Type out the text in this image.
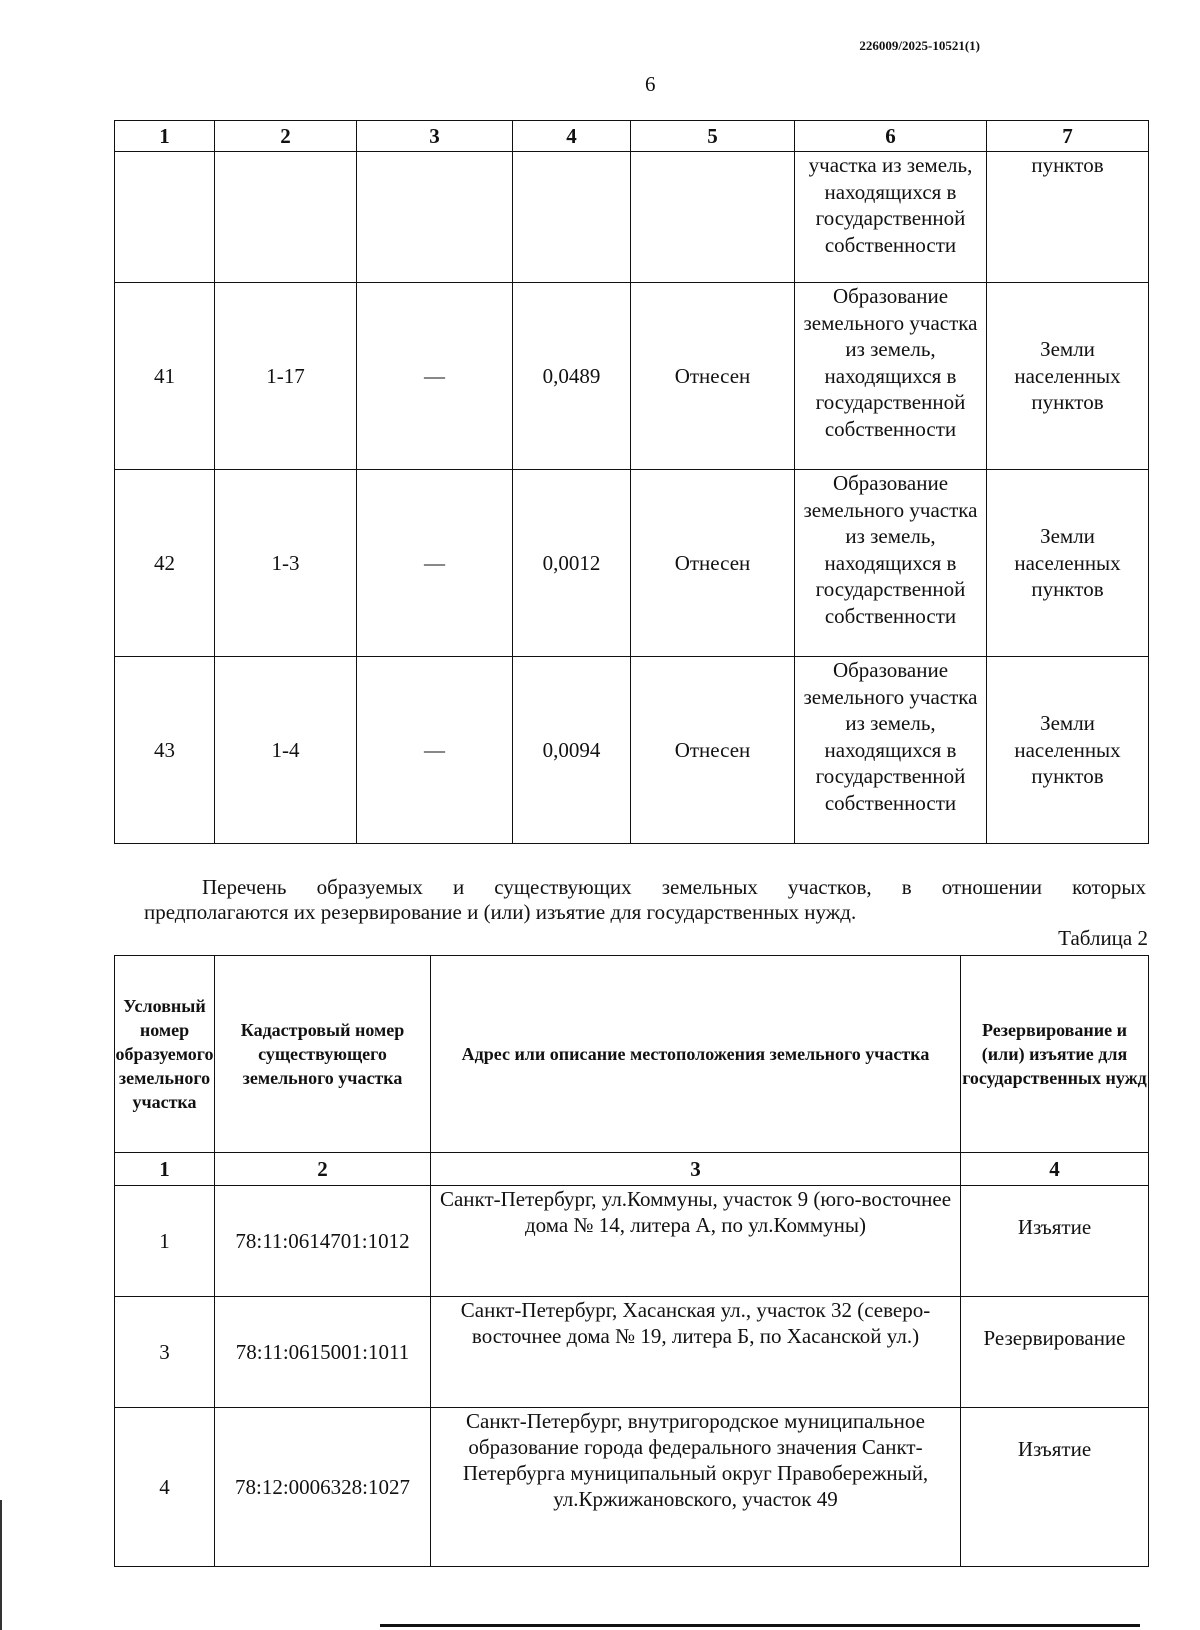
226009/2025-10521(1)
6
1	2	3	4	5	6	7
					участка из земель, находящихся в государственной собственности	пунктов
41	1-17	—	0,0489	Отнесен	Образование земельного участка из земель, находящихся в государственной собственности	Земли населенных пунктов
42	1-3	—	0,0012	Отнесен	Образование земельного участка из земель, находящихся в государственной собственности	Земли населенных пунктов
43	1-4	—	0,0094	Отнесен	Образование земельного участка из земель, находящихся в государственной собственности	Земли населенных пунктов
Перечень образуемых и существующих земельных участков, в отношении которых
предполагаются их резервирование и (или) изъятие для государственных нужд.
Таблица 2
Условный номер образуемого земельного участка	Кадастровый номер существующего земельного участка	Адрес или описание местоположения земельного участка	Резервирование и (или) изъятие для государственных нужд
1	2	3	4
1	78:11:0614701:1012	Санкт-Петербург, ул.Коммуны, участок 9 (юго-восточнее дома № 14, литера А, по ул.Коммуны)	Изъятие
3	78:11:0615001:1011	Санкт-Петербург, Хасанская ул., участок 32 (северо-восточнее дома № 19, литера Б, по Хасанской ул.)	Резервирование
4	78:12:0006328:1027	Санкт-Петербург, внутригородское муниципальное образование города федерального значения Санкт-Петербурга муниципальный округ Правобережный, ул.Кржижановского, участок 49	Изъятие
